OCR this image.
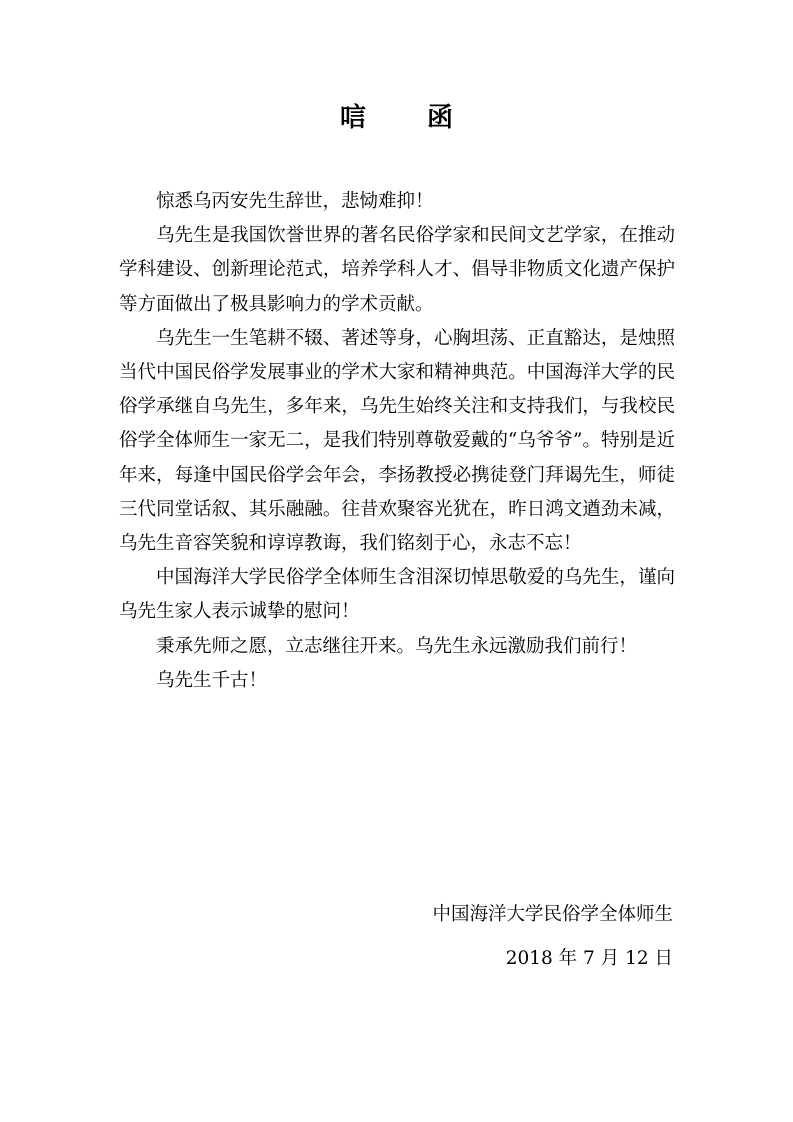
唁 函

惊悉乌丙安先生辞世，悲恸难抑！

乌先生是我国饮誉世界的著名民俗学家和民间文艺学家，在推动学科建设、创新理论范式，培养学科人才、倡导非物质文化遗产保护等方面做出了极具影响力的学术贡献。

乌先生一生笔耕不辍、著述等身，心胸坦荡、正直豁达，是烛照当代中国民俗学发展事业的学术大家和精神典范。中国海洋大学的民俗学承继自乌先生，多年来，乌先生始终关注和支持我们，与我校民俗学全体师生一家无二，是我们特别尊敬爱戴的“乌爷爷”。特别是近年来，每逢中国民俗学会年会，李扬教授必携徒登门拜谒先生，师徒三代同堂话叙、其乐融融。往昔欢聚容光犹在，昨日鸿文遒劲未减，乌先生音容笑貌和谆谆教诲，我们铭刻于心，永志不忘！

中国海洋大学民俗学全体师生含泪深切悼思敬爱的乌先生，谨向乌先生家人表示诚挚的慰问！

秉承先师之愿，立志继往开来。乌先生永远激励我们前行！

乌先生千古！

中国海洋大学民俗学全体师生
2018 年 7 月 12 日
